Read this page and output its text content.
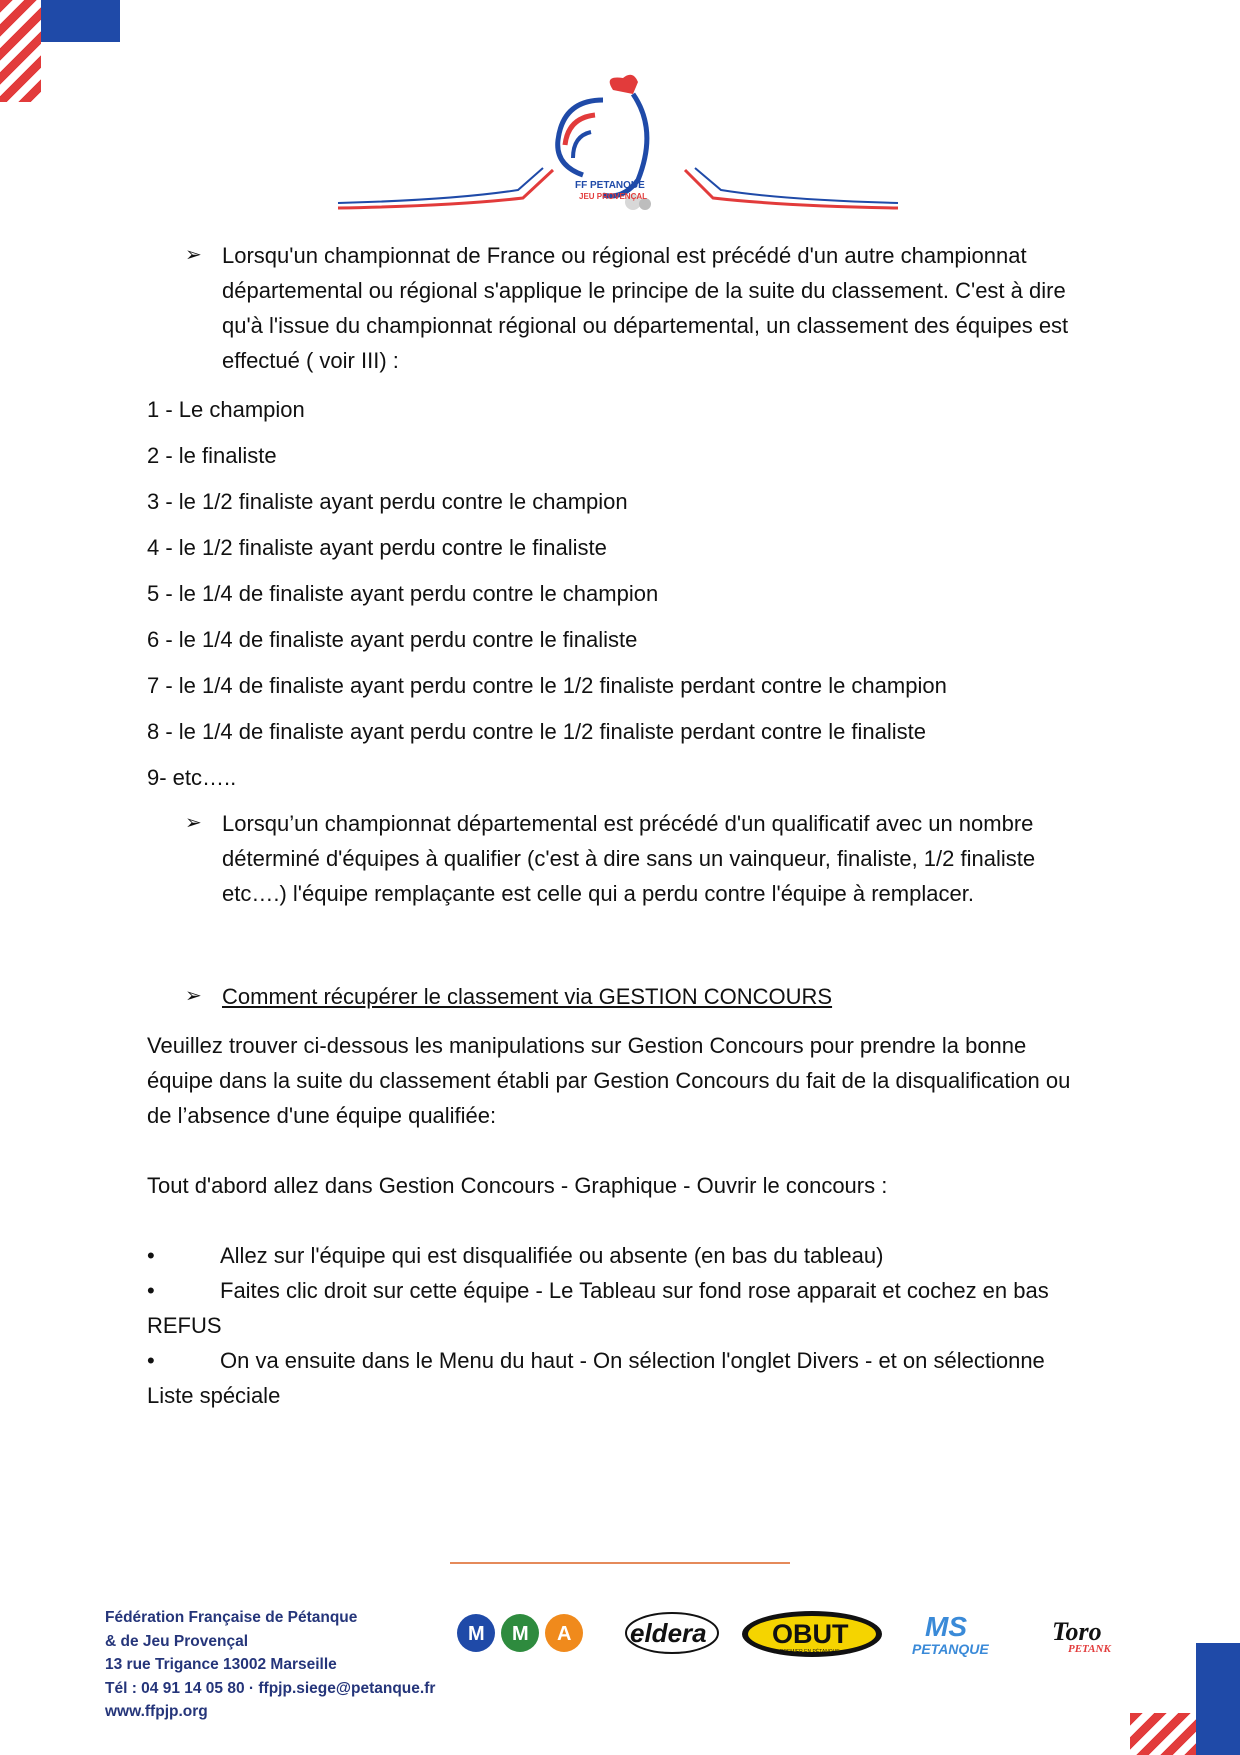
FF PETANQUE
JEU PROVENÇAL
➢ Lorsqu'un championnat de France ou régional est précédé d'un autre championnat départemental ou régional s'applique le principe de la suite du classement. C'est à dire qu'à l'issue du championnat régional ou départemental, un classement des équipes est effectué ( voir III) :
1 - Le champion
2 - le finaliste
3 - le 1/2 finaliste ayant perdu contre le champion
4 - le 1/2 finaliste ayant perdu contre le finaliste
5 - le 1/4 de finaliste ayant perdu contre le champion
6 - le 1/4 de finaliste ayant perdu contre le finaliste
7 - le 1/4 de finaliste ayant perdu contre le 1/2 finaliste perdant contre le champion
8 - le 1/4 de finaliste ayant perdu contre le 1/2 finaliste perdant contre le finaliste
9- etc…..
➢ Lorsqu’un championnat départemental est précédé d'un qualificatif avec un nombre déterminé d'équipes à qualifier (c'est à dire sans un vainqueur, finaliste, 1/2 finaliste etc….) l'équipe remplaçante est celle qui a perdu contre l'équipe à remplacer.
➢ Comment récupérer le classement via GESTION CONCOURS

Veuillez trouver ci-dessous les manipulations sur Gestion Concours pour prendre la bonne équipe dans la suite du classement établi par Gestion Concours du fait de la disqualification ou de l’absence d'une équipe qualifiée:

Tout d'abord allez dans Gestion Concours - Graphique - Ouvrir le concours :

•	Allez sur l'équipe qui est disqualifiée ou absente (en bas du tableau)
•	Faites clic droit sur cette équipe - Le Tableau sur fond rose apparait et cochez en bas REFUS
•	On va ensuite dans le Menu du haut - On sélection l'onglet Divers - et on sélectionne Liste spéciale
Fédération Française de Pétanque
& de Jeu Provençal
13 rue Trigance 13002 Marseille
Tél : 04 91 14 05 80 · ffpjp.siege@petanque.fr
www.ffpjp.org
M M A eldera OBUT
PREMIER EN PÉTANQUE
MS
PETANQUE
Toro
PETANK
